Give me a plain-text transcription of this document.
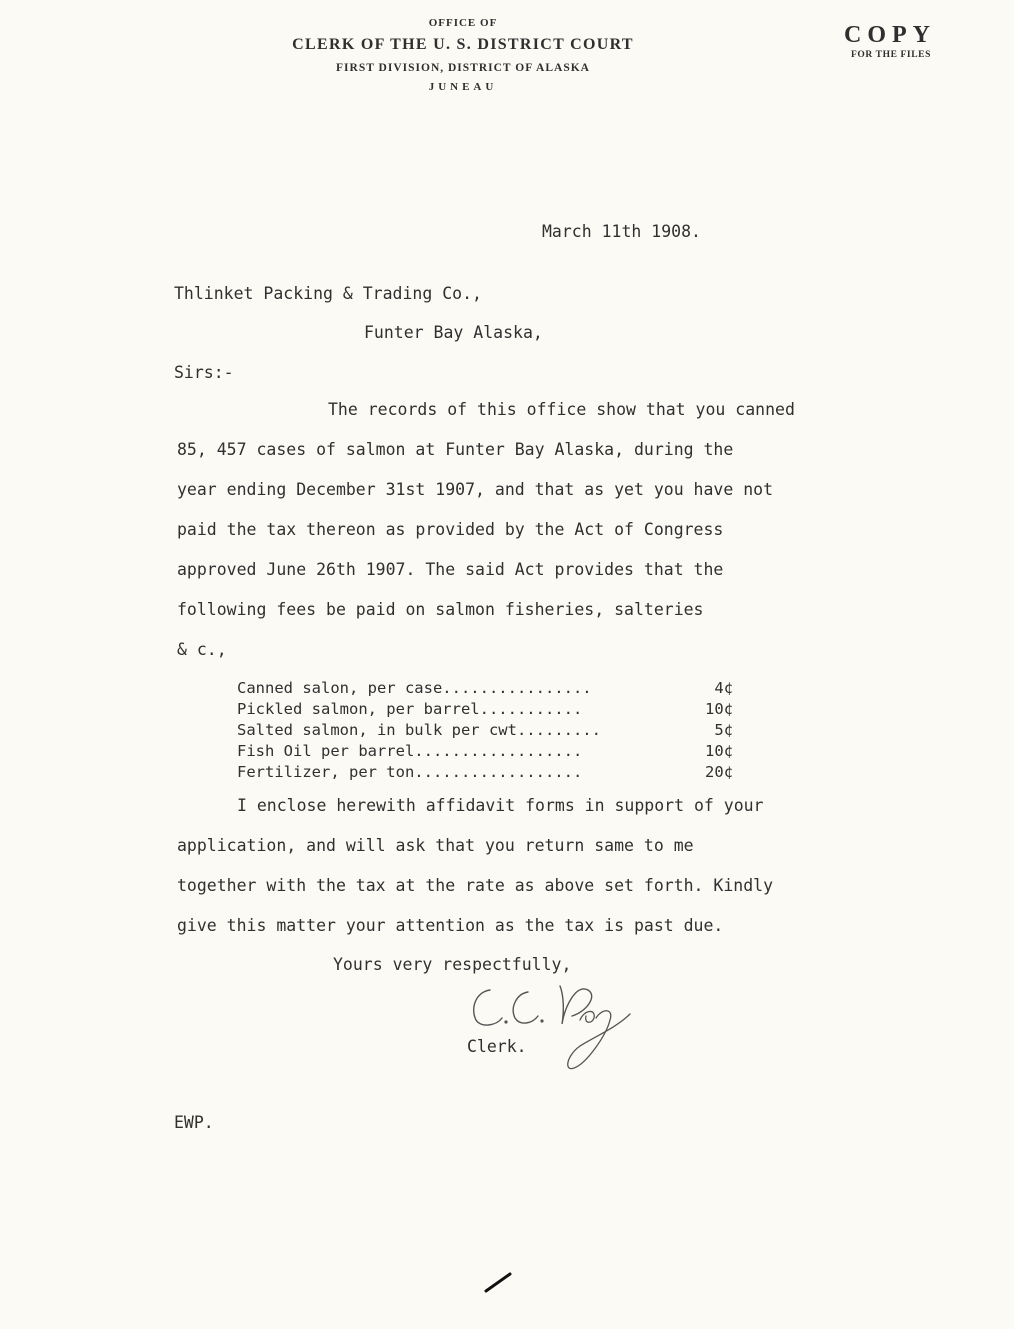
OFFICE OF
CLERK OF THE U. S. DISTRICT COURT
FIRST DIVISION, DISTRICT OF ALASKA
JUNEAU
COPY
FOR THE FILES
March 11th 1908.
Thlinket Packing & Trading Co.,
Funter Bay Alaska,
Sirs:-
The records of this office show that you canned
85, 457 cases of salmon at Funter Bay Alaska, during the
year ending December 31st 1907, and that as yet you have not
paid the tax thereon as provided by the Act of Congress
approved June 26th 1907. The said Act provides that the
following fees be paid on salmon fisheries, salteries
& c.,
Canned salon, per case................	4¢
Pickled salmon, per barrel...........	10¢
Salted salmon, in bulk per cwt.........	5¢
Fish Oil per barrel..................	10¢
Fertilizer, per ton..................	20¢
I enclose herewith affidavit forms in support of your
application, and will ask that you return same to me
together with the tax at the rate as above set forth. Kindly
give this matter your attention as the tax is past due.
Yours very respectfully,
Clerk.
EWP.
